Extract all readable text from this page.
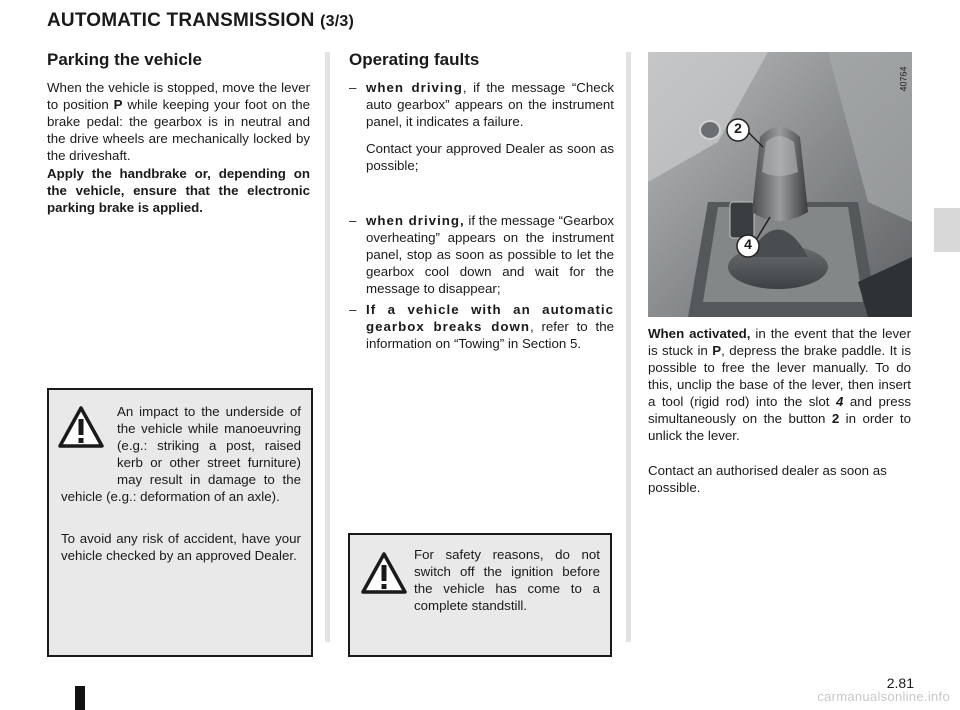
AUTOMATIC TRANSMISSION (3/3)
Parking the vehicle

When the vehicle is stopped, move the lever to position P while keeping your foot on the brake pedal: the gearbox is in neutral and the drive wheels are mechanically locked by the driveshaft.

Apply the handbrake or, depending on the vehicle, ensure that the electronic parking brake is applied.

An impact to the underside of the vehicle while manoeuvring (e.g.: striking a post, raised kerb or other street furniture) may result in damage to the vehicle (e.g.: deformation of an axle).

To avoid any risk of accident, have your vehicle checked by an approved Dealer.

Operating faults
– when driving, if the message “Check auto gearbox” appears on the instrument panel, it indicates a failure.
Contact your approved Dealer as soon as possible;
– when driving, if the message “Gearbox overheating” appears on the instrument panel, stop as soon as possible to let the gearbox cool down and wait for the message to disappear;
– If a vehicle with an automatic gearbox breaks down, refer to the information on “Towing” in Section 5.

For safety reasons, do not switch off the ignition before the vehicle has come to a complete standstill.

2
4
40764

When activated, in the event that the lever is stuck in P, depress the brake paddle. It is possible to free the lever manually. To do this, unclip the base of the lever, then insert a tool (rigid rod) into the slot 4 and press simultaneously on the button 2 in order to unlick the lever.

Contact an authorised dealer as soon as possible.

2.81
carmanualsonline.info
